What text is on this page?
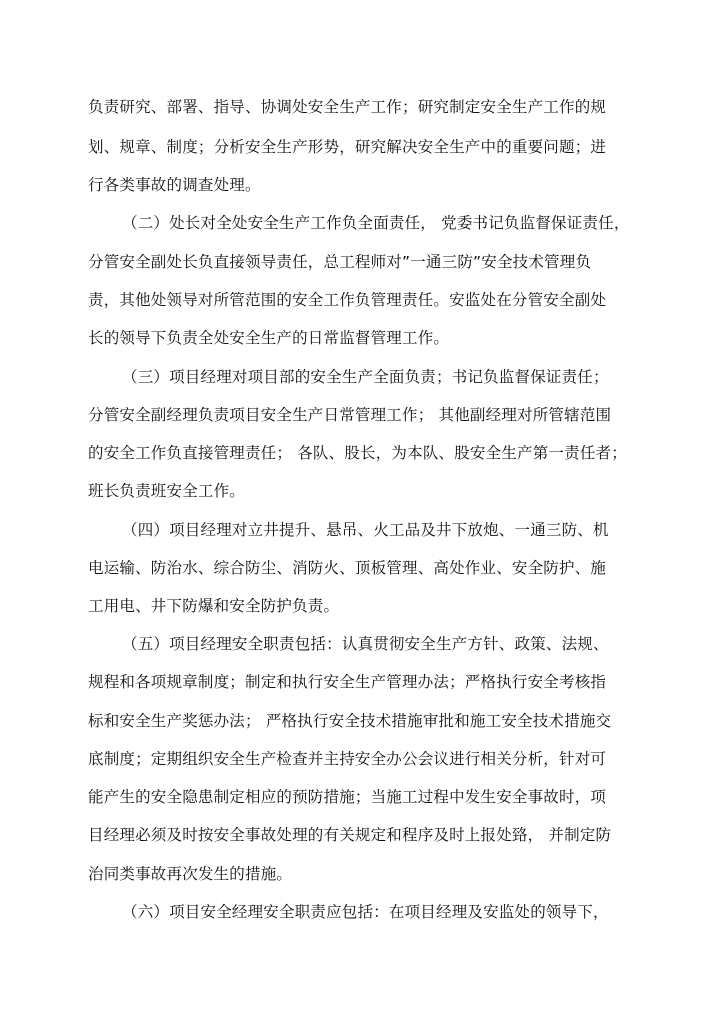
负责研究、部署、指导、协调处安全生产工作；研究制定安全生产工作的规
划、规章、制度；分析安全生产形势，研究解决安全生产中的重要问题；进
行各类事故的调查处理。
（二）处长对全处安全生产工作负全面责任， 党委书记负监督保证责任，
分管安全副处长负直接领导责任，总工程师对”一通三防”安全技术管理负
责，其他处领导对所管范围的安全工作负管理责任。安监处在分管安全副处
长的领导下负责全处安全生产的日常监督管理工作。
（三）项目经理对项目部的安全生产全面负责；书记负监督保证责任；
分管安全副经理负责项目安全生产日常管理工作； 其他副经理对所管辖范围
的安全工作负直接管理责任； 各队、股长，为本队、股安全生产第一责任者；
班长负责班安全工作。
（四）项目经理对立井提升、悬吊、火工品及井下放炮、一通三防、机
电运输、防治水、综合防尘、消防火、顶板管理、高处作业、安全防护、施
工用电、井下防爆和安全防护负责。
（五）项目经理安全职责包括：认真贯彻安全生产方针、政策、法规、
规程和各项规章制度；制定和执行安全生产管理办法；严格执行安全考核指
标和安全生产奖惩办法； 严格执行安全技术措施审批和施工安全技术措施交
底制度；定期组织安全生产检查并主持安全办公会议进行相关分析，针对可
能产生的安全隐患制定相应的预防措施；当施工过程中发生安全事故时，项
目经理必须及时按安全事故处理的有关规定和程序及时上报处臵， 并制定防
治同类事故再次发生的措施。
（六）项目安全经理安全职责应包括：在项目经理及安监处的领导下，
